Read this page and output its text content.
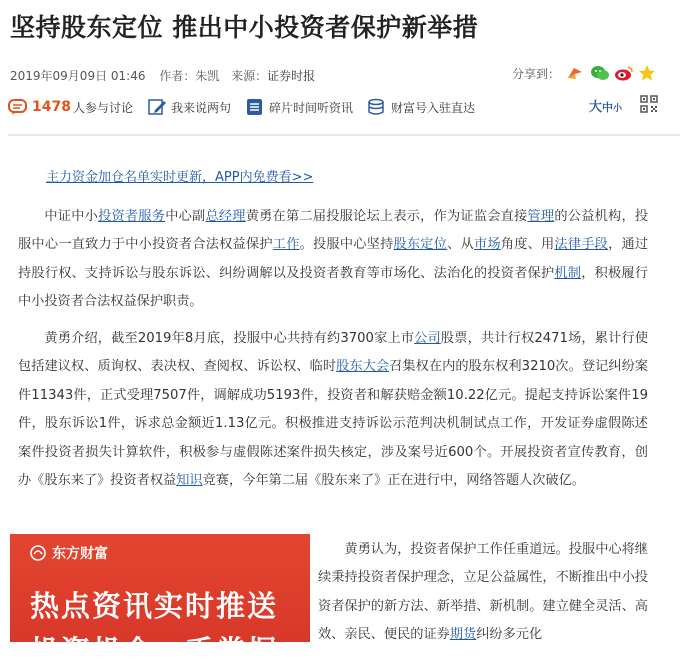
坚持股东定位 推出中小投资者保护新举措
2019年09月09日 01:46 作者：朱凯 来源：证券时报	分享到：
1478 人参与讨论	我来说两句	碎片时间听资讯	财富号入驻直达	大中小
主力资金加仓名单实时更新，APP内免费看>>

中证中小投资者服务中心副总经理黄勇在第二届投服论坛上表示，作为证监会直接管理的公益机构，投服中心一直致力于中小投资者合法权益保护工作。投服中心坚持股东定位、从市场角度、用法律手段，通过持股行权、支持诉讼与股东诉讼、纠纷调解以及投资者教育等市场化、法治化的投资者保护机制，积极履行中小投资者合法权益保护职责。

黄勇介绍，截至2019年8月底，投服中心共持有约3700家上市公司股票，共计行权2471场，累计行使包括建议权、质询权、表决权、查阅权、诉讼权、临时股东大会召集权在内的股东权利3210次。登记纠纷案件11343件，正式受理7507件，调解成功5193件，投资者和解获赔金额10.22亿元。提起支持诉讼案件19件，股东诉讼1件，诉求总金额近1.13亿元。积极推进支持诉讼示范判决机制试点工作，开发证券虚假陈述案件投资者损失计算软件，积极参与虚假陈述案件损失核定，涉及案号近600个。开展投资者宣传教育，创办《股东来了》投资者权益知识竞赛，今年第二届《股东来了》正在进行中，网络答题人次破亿。

东方财富
热点资讯实时推送
投资机会一手掌握

黄勇认为，投资者保护工作任重道远。投服中心将继续秉持投资者保护理念，立足公益属性，不断推出中小投资者保护的新方法、新举措、新机制。建立健全灵活、高效、亲民、便民的证券期货纠纷多元化
